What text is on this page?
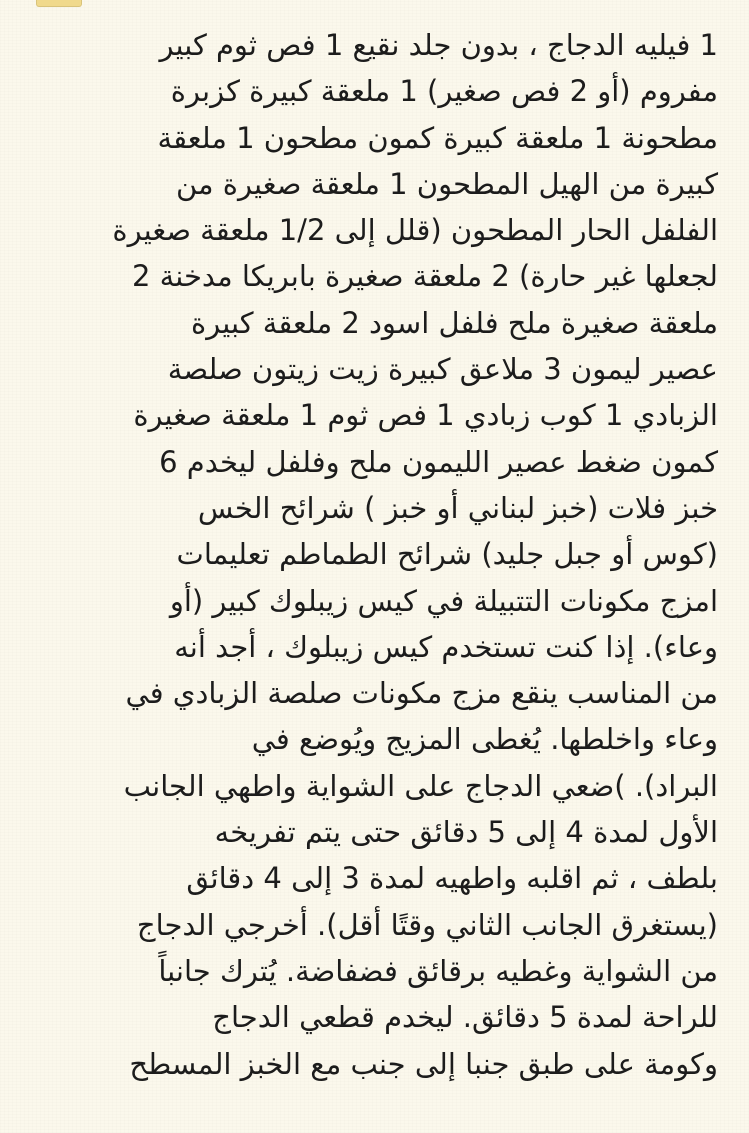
1 فيليه الدجاج ، بدون جلد نقيع 1 فص ثوم كبير
مفروم (أو 2 فص صغير) 1 ملعقة كبيرة كزبرة
مطحونة 1 ملعقة كبيرة كمون مطحون 1 ملعقة
كبيرة من الهيل المطحون 1 ملعقة صغيرة من
الفلفل الحار المطحون (قلل إلى 1/2 ملعقة صغيرة
لجعلها غير حارة) 2 ملعقة صغيرة بابريكا مدخنة 2
ملعقة صغيرة ملح فلفل اسود 2 ملعقة كبيرة
عصير ليمون 3 ملاعق كبيرة زيت زيتون صلصة
الزبادي 1 كوب زبادي 1 فص ثوم 1 ملعقة صغيرة
كمون ضغط عصير الليمون ملح وفلفل ليخدم 6
خبز فلات (خبز لبناني أو خبز ) شرائح الخس
(كوس أو جبل جليد) شرائح الطماطم تعليمات
امزج مكونات التتبيلة في كيس زيبلوك كبير (أو
وعاء). إذا كنت تستخدم كيس زيبلوك ، أجد أنه
من المناسب ينقع مزج مكونات صلصة الزبادي في
وعاء واخلطها. يُغطى المزيج ويُوضع في
البراد). )ضعي الدجاج على الشواية واطهي الجانب
الأول لمدة 4 إلى 5 دقائق حتى يتم تفريخه
بلطف ، ثم اقلبه واطهيه لمدة 3 إلى 4 دقائق
(يستغرق الجانب الثاني وقتًا أقل). أخرجي الدجاج
من الشواية وغطيه برقائق فضفاضة. يُترك جانباً
للراحة لمدة 5 دقائق. ليخدم قطعي الدجاج
وكومة على طبق جنبا إلى جنب مع الخبز المسطح
